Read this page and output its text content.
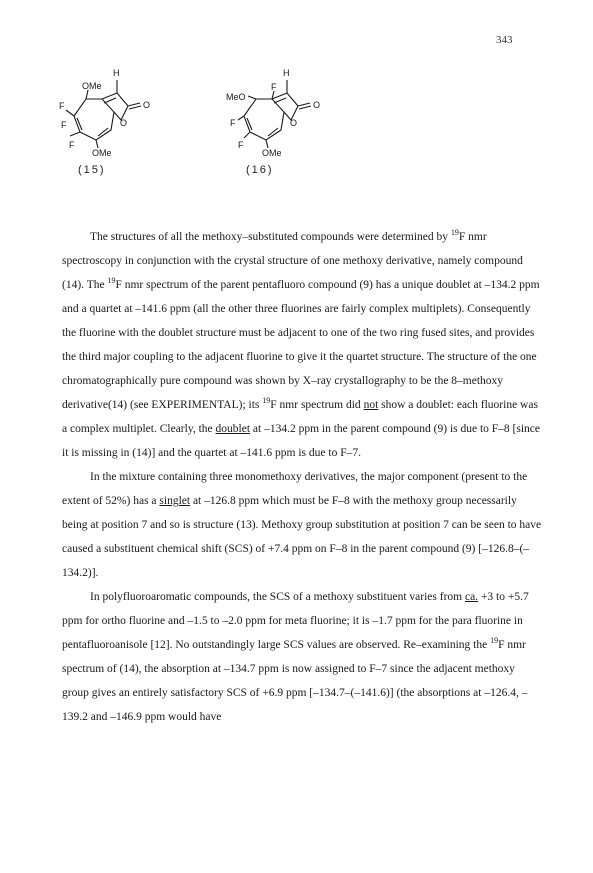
343
H
OMe
F
F	O
O
F
OMe
(15)
H
F
MeO
F	O
O
F
OMe
(16)

The structures of all the methoxy–substituted compounds were determined by $^{19}$F nmr spectroscopy in conjunction with the crystal structure of one methoxy derivative, namely compound (14). The $^{19}$F nmr spectrum of the parent pentafluoro compound (9) has a unique doublet at –134.2 ppm and a quartet at –141.6 ppm (all the other three fluorines are fairly complex multiplets). Consequently the fluorine with the doublet structure must be adjacent to one of the two ring fused sites, and provides the third major coupling to the adjacent fluorine to give it the quartet structure. The structure of the one chromatographically pure compound was shown by X–ray crystallography to be the 8–methoxy derivative(14) (see EXPERIMENTAL); its $^{19}$F nmr spectrum did not show a doublet: each fluorine was a complex multiplet. Clearly, the doublet at –134.2 ppm in the parent compound (9) is due to F–8 [since it is missing in (14)] and the quartet at –141.6 ppm is due to F–7.

In the mixture containing three monomethoxy derivatives, the major component (present to the extent of 52%) has a singlet at –126.8 ppm which must be F–8 with the methoxy group necessarily being at position 7 and so is structure (13). Methoxy group substitution at position 7 can be seen to have caused a substituent chemical shift (SCS) of +7.4 ppm on F–8 in the parent compound (9) [–126.8–(–134.2)].

In polyfluoroaromatic compounds, the SCS of a methoxy substituent varies from ca. +3 to +5.7 ppm for ortho fluorine and –1.5 to –2.0 ppm for meta fluorine; it is –1.7 ppm for the para fluorine in pentafluoroanisole [12]. No outstandingly large SCS values are observed. Re–examining the $^{19}$F nmr spectrum of (14), the absorption at –134.7 ppm is now assigned to F–7 since the adjacent methoxy group gives an entirely satisfactory SCS of +6.9 ppm [–134.7–(–141.6)] (the absorptions at –126.4, –139.2 and –146.9 ppm would have
